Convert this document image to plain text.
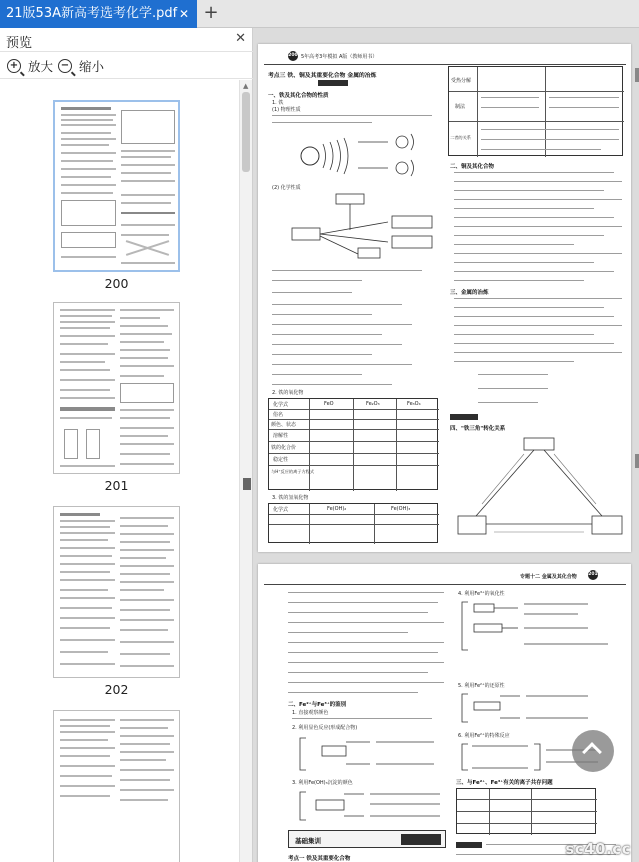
21版53A新高考选考化学.pdf ✕ +
预览	✕
+ 放大 − 缩小
200
201
202
▲
200 5年高考3年模拟 A版（教师用书）
考点三 铁、铜及其重要化合物 金属的冶炼
一、铁及其化合物的性质
1. 铁
(1) 物理性质
(2) 化学性质
2. 铁的氧化物
化学式	FeO	Fe₂O₃	Fe₃O₄
俗名
颜色、状态
溶解性
铁的化合价
稳定性
与H⁺反应的离子方程式
3. 铁的氢氧化物
化学式	Fe(OH)₂	Fe(OH)₃
受热分解
制法
二者的关系
二、铜及其化合物
三、金属的冶炼
四、"铁三角"转化关系
专题十二 金属及其化合物	201
二、Fe²⁺与Fe³⁺的鉴别
1. 直接观察颜色
2. 利用显色反应(形成配合物)
3. 利用Fe(OH)₃沉淀的颜色
基础集训
考点一 铁及其重要化合物
4. 利用Fe³⁺的氧化性
5. 利用Fe²⁺的还原性
6. 利用Fe²⁺的特殊反应
三、与Fe²⁺、Fe³⁺有关的离子共存问题
sc40.cc
